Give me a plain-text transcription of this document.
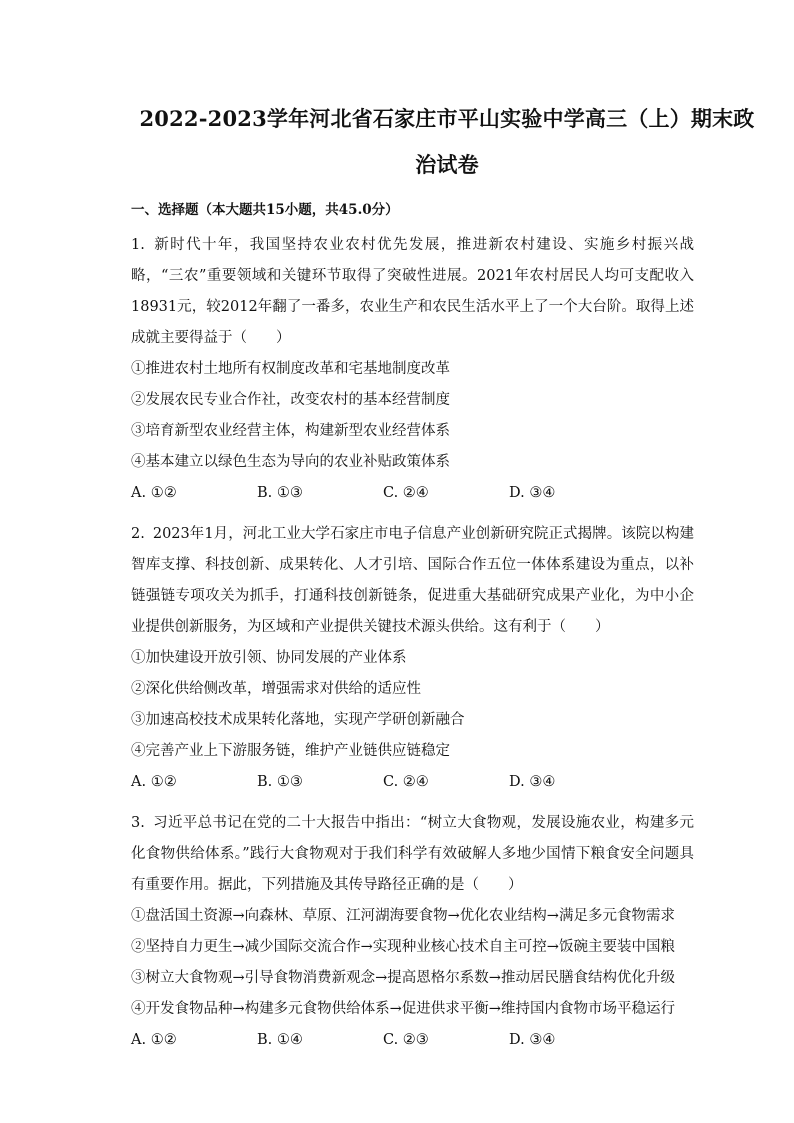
2022-2023学年河北省石家庄市平山实验中学高三（上）期末政
治试卷
一、选择题（本大题共15小题，共45.0分）
1. 新时代十年，我国坚持农业农村优先发展，推进新农村建设、实施乡村振兴战略，“三农”重要领域和关键环节取得了突破性进展。2021年农村居民人均可支配收入18931元，较2012年翻了一番多，农业生产和农民生活水平上了一个大台阶。取得上述成就主要得益于（　　）
①推进农村土地所有权制度改革和宅基地制度改革
②发展农民专业合作社，改变农村的基本经营制度
③培育新型农业经营主体，构建新型农业经营体系
④基本建立以绿色生态为导向的农业补贴政策体系
A. ①②	B. ①③	C. ②④	D. ③④
2. 2023年1月，河北工业大学石家庄市电子信息产业创新研究院正式揭牌。该院以构建智库支撑、科技创新、成果转化、人才引培、国际合作五位一体体系建设为重点，以补链强链专项攻关为抓手，打通科技创新链条，促进重大基础研究成果产业化，为中小企业提供创新服务，为区域和产业提供关键技术源头供给。这有利于（　　）
①加快建设开放引领、协同发展的产业体系
②深化供给侧改革，增强需求对供给的适应性
③加速高校技术成果转化落地，实现产学研创新融合
④完善产业上下游服务链，维护产业链供应链稳定
A. ①②	B. ①③	C. ②④	D. ③④
3. 习近平总书记在党的二十大报告中指出：“树立大食物观，发展设施农业，构建多元化食物供给体系。”践行大食物观对于我们科学有效破解人多地少国情下粮食安全问题具有重要作用。据此，下列措施及其传导路径正确的是（　　）
①盘活国土资源→向森林、草原、江河湖海要食物→优化农业结构→满足多元食物需求
②坚持自力更生→减少国际交流合作→实现种业核心技术自主可控→饭碗主要装中国粮
③树立大食物观→引导食物消费新观念→提高恩格尔系数→推动居民膳食结构优化升级
④开发食物品种→构建多元食物供给体系→促进供求平衡→维持国内食物市场平稳运行
A. ①②	B. ①④	C. ②③	D. ③④
